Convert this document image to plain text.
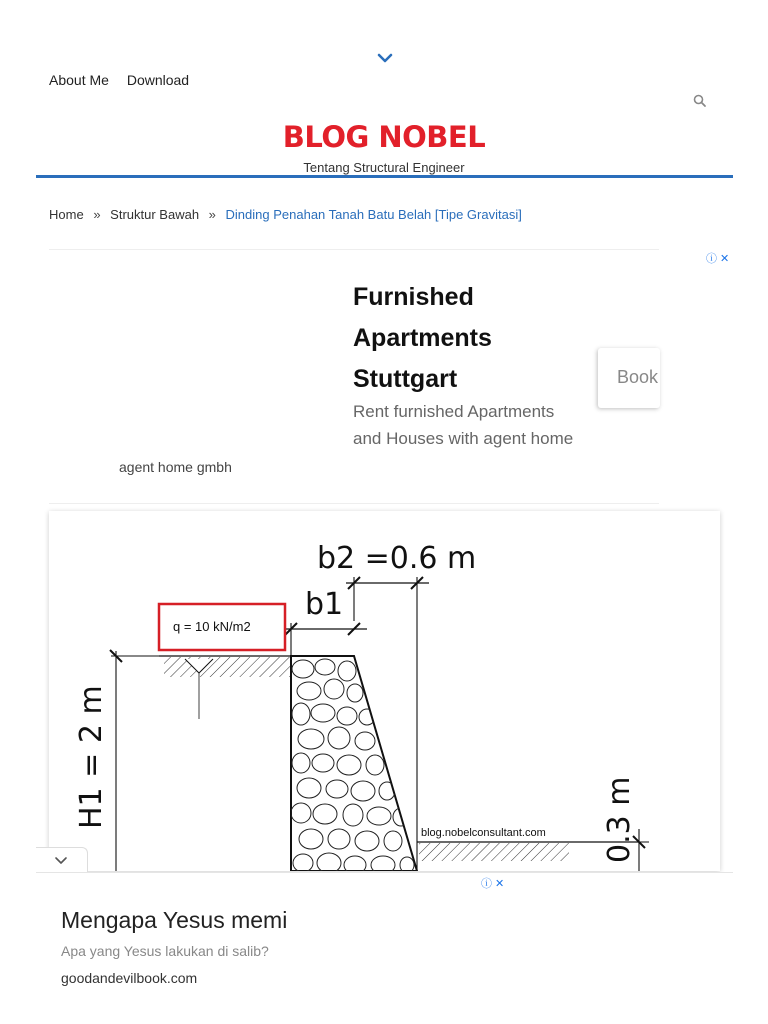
About Me Download
BLOG NOBEL
Tentang Structural Engineer
Home » Struktur Bawah » Dinding Penahan Tanah Batu Belah [Tipe Gravitasi]
agent home gmbh
Furnished Apartments Stuttgart
Rent furnished Apartments and Houses with agent home
Book
ⓘ ✕
b2 =0.6 m
b1
q = 10 kN/m2
H1 = 2 m
blog.nobelconsultant.com 0.3 m
ⓘ ✕
Mengapa Yesus memi
Apa yang Yesus lakukan di salib?
goodandevilbook.com
